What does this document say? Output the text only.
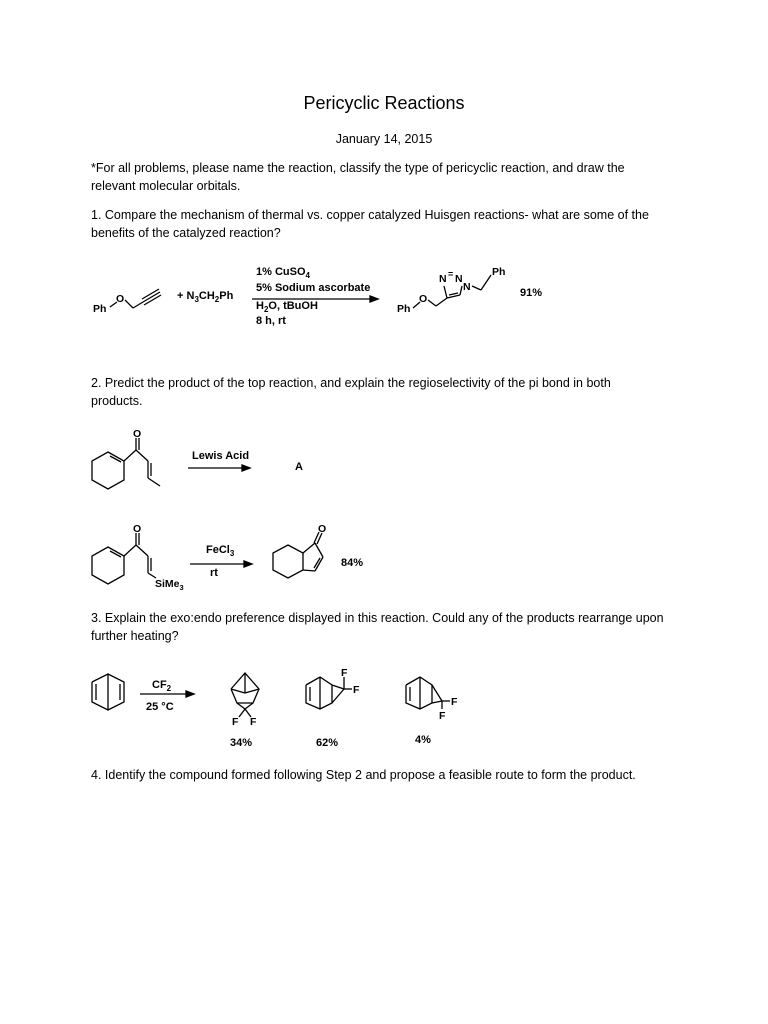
Pericyclic Reactions
January 14, 2015
*For all problems, please name the reaction, classify the type of pericyclic reaction, and draw the
relevant molecular orbitals.
1. Compare the mechanism of thermal vs. copper catalyzed Huisgen reactions- what are some of the
benefits of the catalyzed reaction?
Ph
O	+ $N_3CH_2Ph$
1% CuSO$_4$
5% Sodium ascorbate
$H_2O$, tBuOH
8 h, rt
Ph
O
N = N
N
Ph
91%
2. Predict the product of the top reaction, and explain the regioselectivity of the pi bond in both
products.
O
Lewis Acid
A
O
SiMe$_3$
FeCl$_3$
rt
O
84%
3. Explain the exo:endo preference displayed in this reaction. Could any of the products rearrange upon
further heating?
$CF_2$
25 °C
F F
F
F
F
F
34%	62%	4%
4. Identify the compound formed following Step 2 and propose a feasible route to form the product.
